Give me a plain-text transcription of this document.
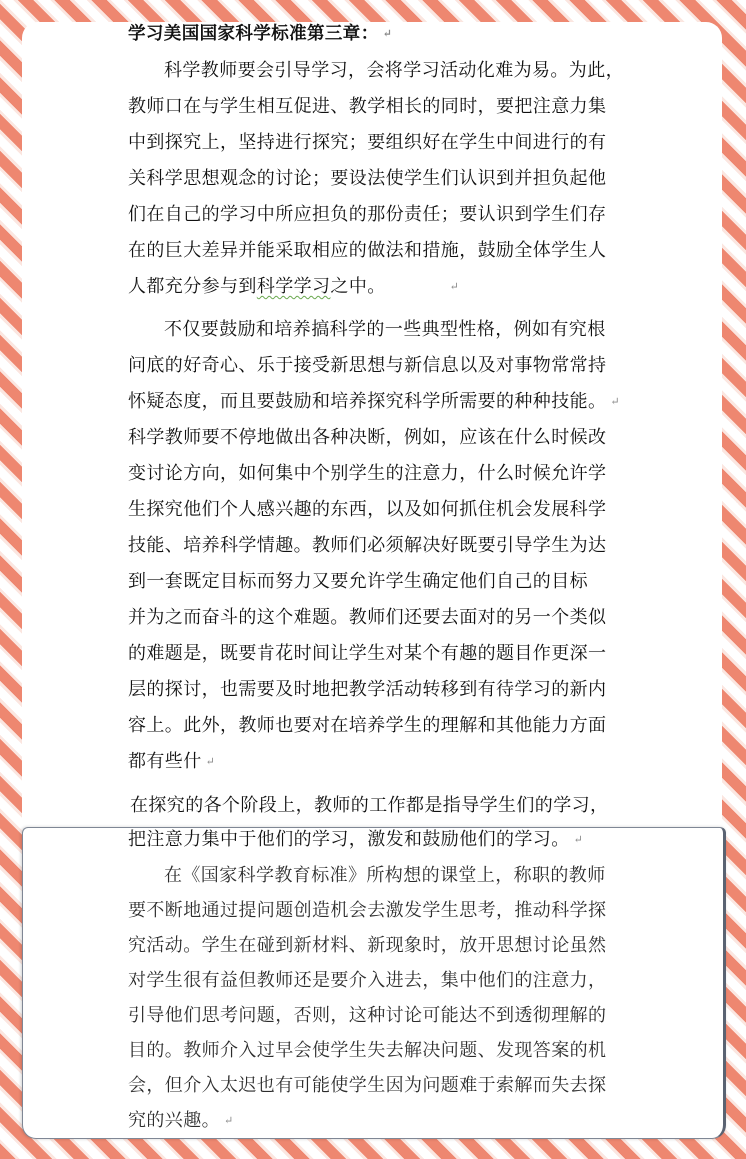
学习美国国家科学标准第三章： ↵
科学教师要会引导学习，会将学习活动化难为易。为此，
教师口在与学生相互促进、教学相长的同时，要把注意力集
中到探究上，坚持进行探究；要组织好在学生中间进行的有
关科学思想观念的讨论；要设法使学生们认识到并担负起他
们在自己的学习中所应担负的那份责任；要认识到学生们存
在的巨大差异并能采取相应的做法和措施，鼓励全体学生人
人都充分参与到科学学习之中。	↵
不仅要鼓励和培养搞科学的一些典型性格，例如有究根
问底的好奇心、乐于接受新思想与新信息以及对事物常常持
怀疑态度，而且要鼓励和培养探究科学所需要的种种技能。 ↵
科学教师要不停地做出各种决断，例如，应该在什么时候改
变讨论方向，如何集中个别学生的注意力，什么时候允许学
生探究他们个人感兴趣的东西，以及如何抓住机会发展科学
技能、培养科学情趣。教师们必须解决好既要引导学生为达
到一套既定目标而努力又要允许学生确定他们自己的目标
并为之而奋斗的这个难题。教师们还要去面对的另一个类似
的难题是，既要肯花时间让学生对某个有趣的题目作更深一
层的探讨，也需要及时地把教学活动转移到有待学习的新内
容上。此外，教师也要对在培养学生的理解和其他能力方面
都有些什 ↵
在探究的各个阶段上，教师的工作都是指导学生们的学习，
把注意力集中于他们的学习，激发和鼓励他们的学习。 ↵
在《国家科学教育标准》所构想的课堂上，称职的教师
要不断地通过提问题创造机会去激发学生思考，推动科学探
究活动。学生在碰到新材料、新现象时，放开思想讨论虽然
对学生很有益但教师还是要介入进去，集中他们的注意力，
引导他们思考问题，否则，这种讨论可能达不到透彻理解的
目的。教师介入过早会使学生失去解决问题、发现答案的机
会，但介入太迟也有可能使学生因为问题难于索解而失去探
究的兴趣。 ↵
